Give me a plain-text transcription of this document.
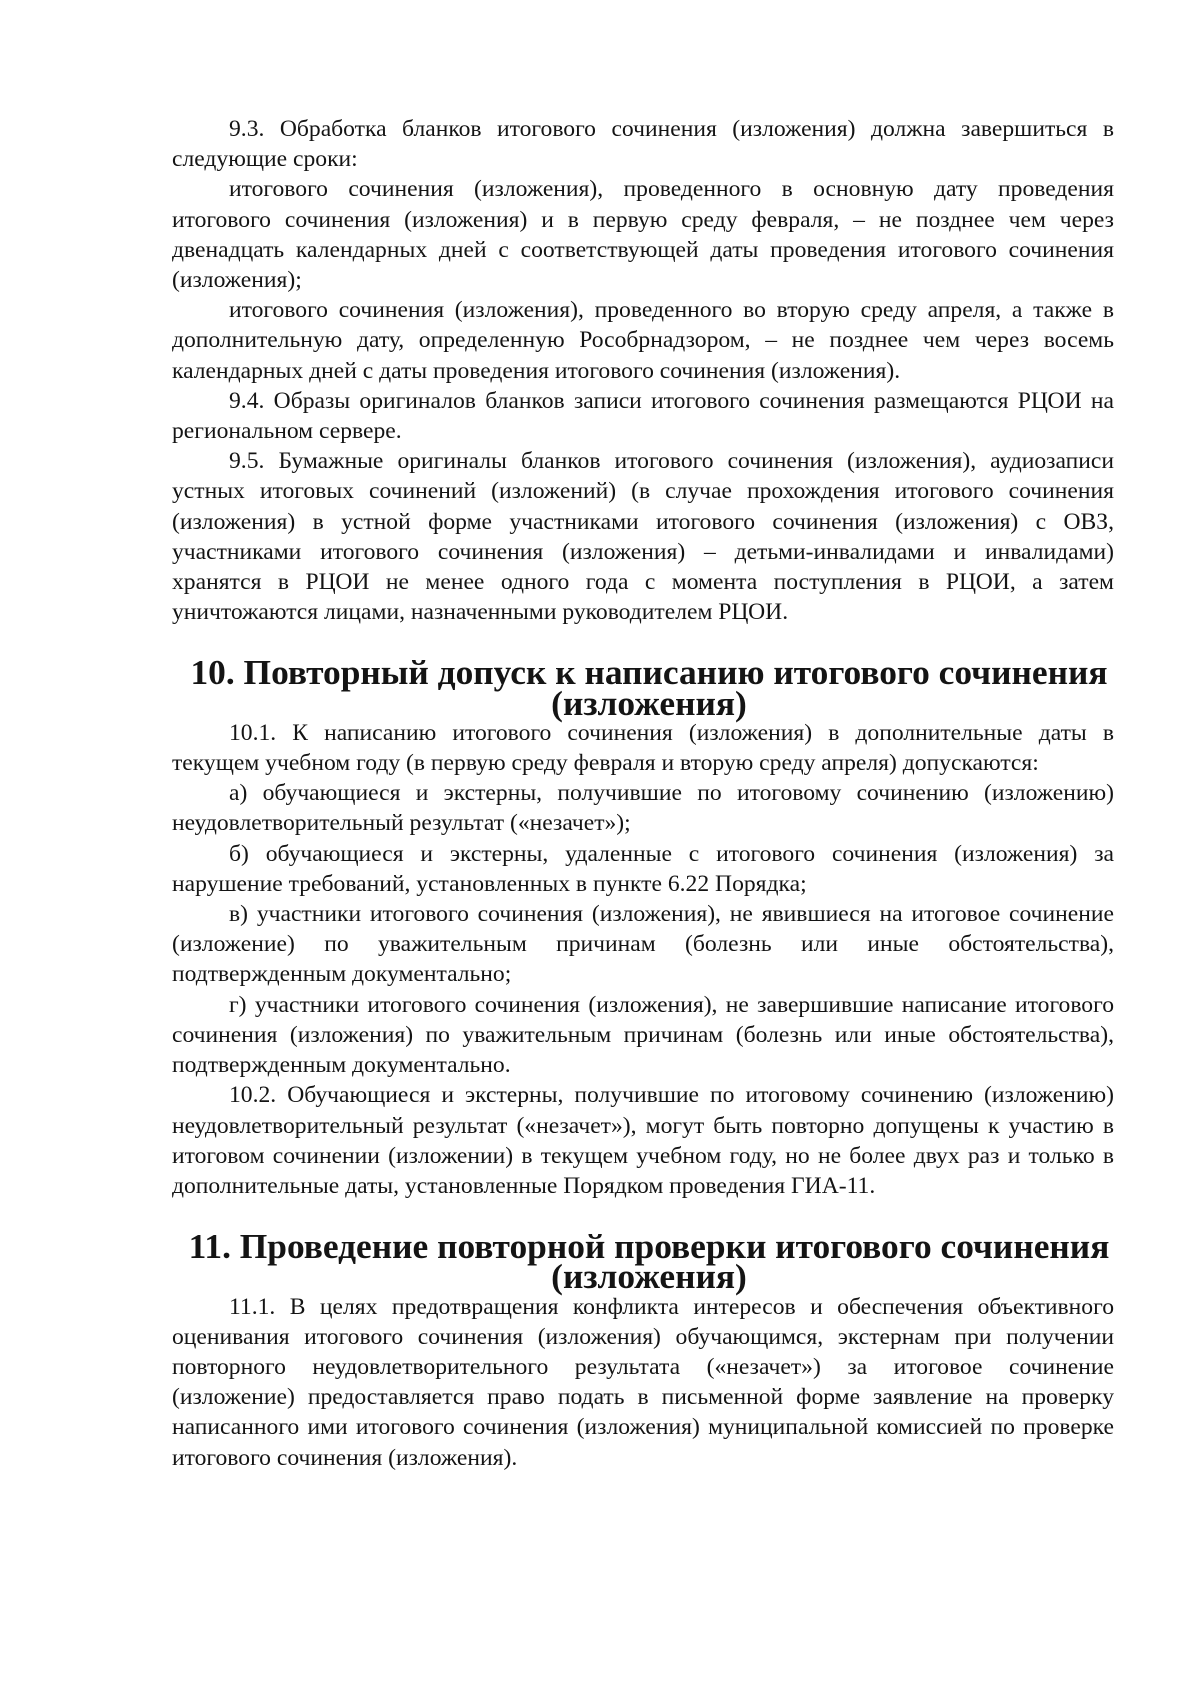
9.3. Обработка бланков итогового сочинения (изложения) должна завершиться в следующие сроки:

итогового сочинения (изложения), проведенного в основную дату проведения итогового сочинения (изложения) и в первую среду февраля, – не позднее чем через двенадцать календарных дней с соответствующей даты проведения итогового сочинения (изложения);

итогового сочинения (изложения), проведенного во вторую среду апреля, а также в дополнительную дату, определенную Рособрнадзором, – не позднее чем через восемь календарных дней с даты проведения итогового сочинения (изложения).

9.4. Образы оригиналов бланков записи итогового сочинения размещаются РЦОИ на региональном сервере.

9.5. Бумажные оригиналы бланков итогового сочинения (изложения), аудиозаписи устных итоговых сочинений (изложений) (в случае прохождения итогового сочинения (изложения) в устной форме участниками итогового сочинения (изложения) с ОВЗ, участниками итогового сочинения (изложения) – детьми-инвалидами и инвалидами) хранятся в РЦОИ не менее одного года с момента поступления в РЦОИ, а затем уничтожаются лицами, назначенными руководителем РЦОИ.

10. Повторный допуск к написанию итогового сочинения (изложения)

10.1. К написанию итогового сочинения (изложения) в дополнительные даты в текущем учебном году (в первую среду февраля и вторую среду апреля) допускаются:

а) обучающиеся и экстерны, получившие по итоговому сочинению (изложению) неудовлетворительный результат («незачет»);

б) обучающиеся и экстерны, удаленные с итогового сочинения (изложения) за нарушение требований, установленных в пункте 6.22 Порядка;

в) участники итогового сочинения (изложения), не явившиеся на итоговое сочинение (изложение) по уважительным причинам (болезнь или иные обстоятельства), подтвержденным документально;

г) участники итогового сочинения (изложения), не завершившие написание итогового сочинения (изложения) по уважительным причинам (болезнь или иные обстоятельства), подтвержденным документально.

10.2. Обучающиеся и экстерны, получившие по итоговому сочинению (изложению) неудовлетворительный результат («незачет»), могут быть повторно допущены к участию в итоговом сочинении (изложении) в текущем учебном году, но не более двух раз и только в дополнительные даты, установленные Порядком проведения ГИА-11.

11. Проведение повторной проверки итогового сочинения (изложения)

11.1. В целях предотвращения конфликта интересов и обеспечения объективного оценивания итогового сочинения (изложения) обучающимся, экстернам при получении повторного неудовлетворительного результата («незачет») за итоговое сочинение (изложение) предоставляется право подать в письменной форме заявление на проверку написанного ими итогового сочинения (изложения) муниципальной комиссией по проверке итогового сочинения (изложения).
